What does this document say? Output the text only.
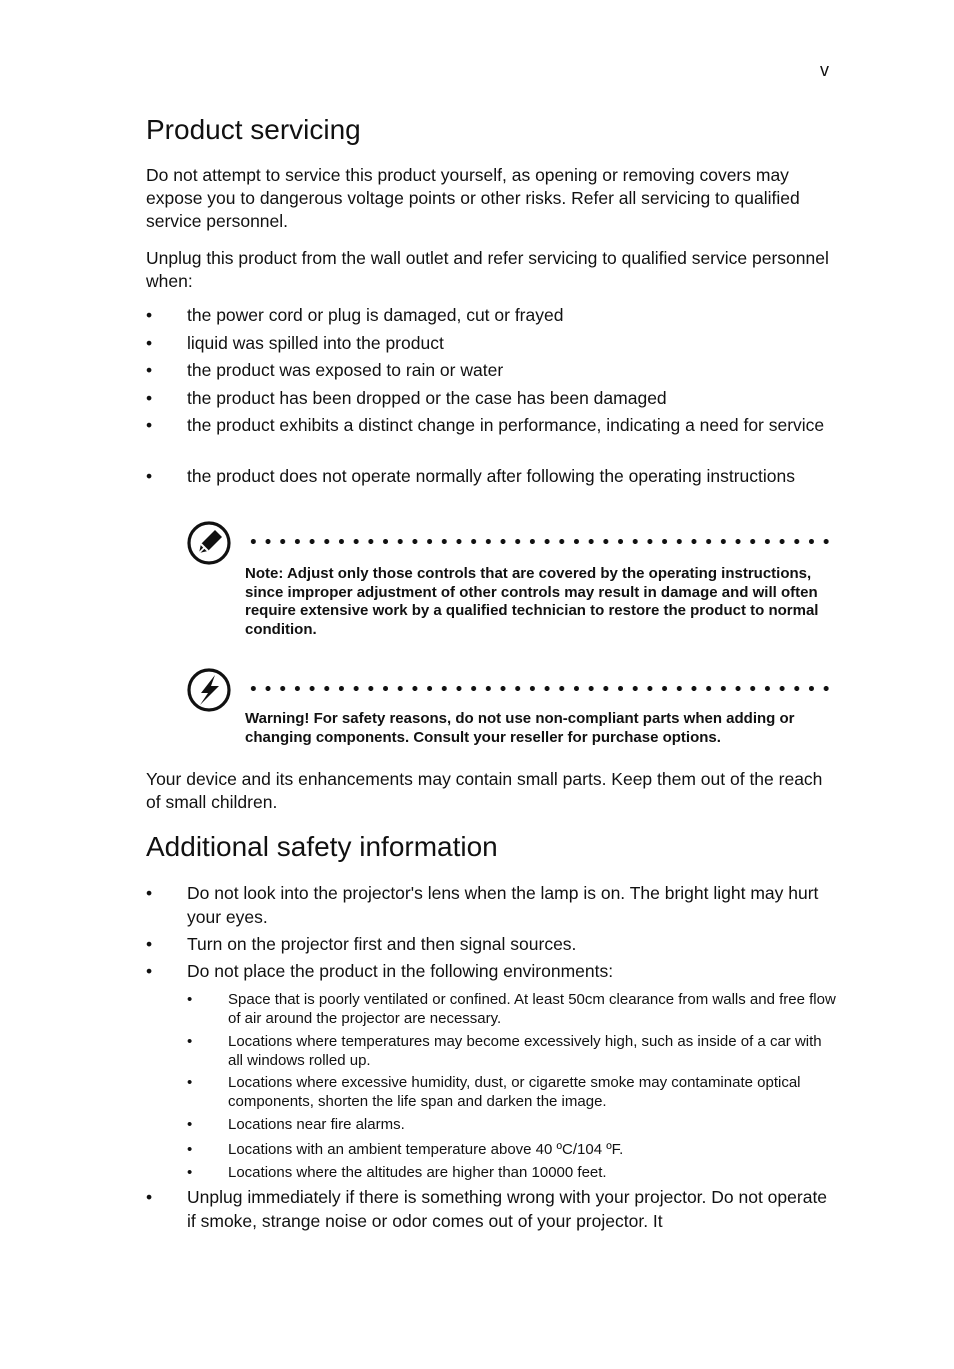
v
Product servicing

Do not attempt to service this product yourself, as opening or removing covers may expose you to dangerous voltage points or other risks. Refer all servicing to qualified service personnel.

Unplug this product from the wall outlet and refer servicing to qualified service personnel when:

•	the power cord or plug is damaged, cut or frayed
•	liquid was spilled into the product
•	the product was exposed to rain or water
•	the product has been dropped or the case has been damaged
•	the product exhibits a distinct change in performance, indicating a need for service
•	the product does not operate normally after following the operating instructions
Note: Adjust only those controls that are covered by the operating instructions, since improper adjustment of other controls may result in damage and will often require extensive work by a qualified technician to restore the product to normal condition.
Warning! For safety reasons, do not use non-compliant parts when adding or changing components. Consult your reseller for purchase options.

Your device and its enhancements may contain small parts. Keep them out of the reach of small children.

Additional safety information
•	Do not look into the projector's lens when the lamp is on. The bright light may hurt your eyes.
•	Turn on the projector first and then signal sources.
•	Do not place the product in the following environments:
• Space that is poorly ventilated or confined. At least 50cm clearance from walls and free flow of air around the projector are necessary.
• Locations where temperatures may become excessively high, such as inside of a car with all windows rolled up.
• Locations where excessive humidity, dust, or cigarette smoke may contaminate optical components, shorten the life span and darken the image.
• Locations near fire alarms.
• Locations with an ambient temperature above 40 ºC/104 ºF.
• Locations where the altitudes are higher than 10000 feet.
•	Unplug immediately if there is something wrong with your projector. Do not operate if smoke, strange noise or odor comes out of your projector. It
